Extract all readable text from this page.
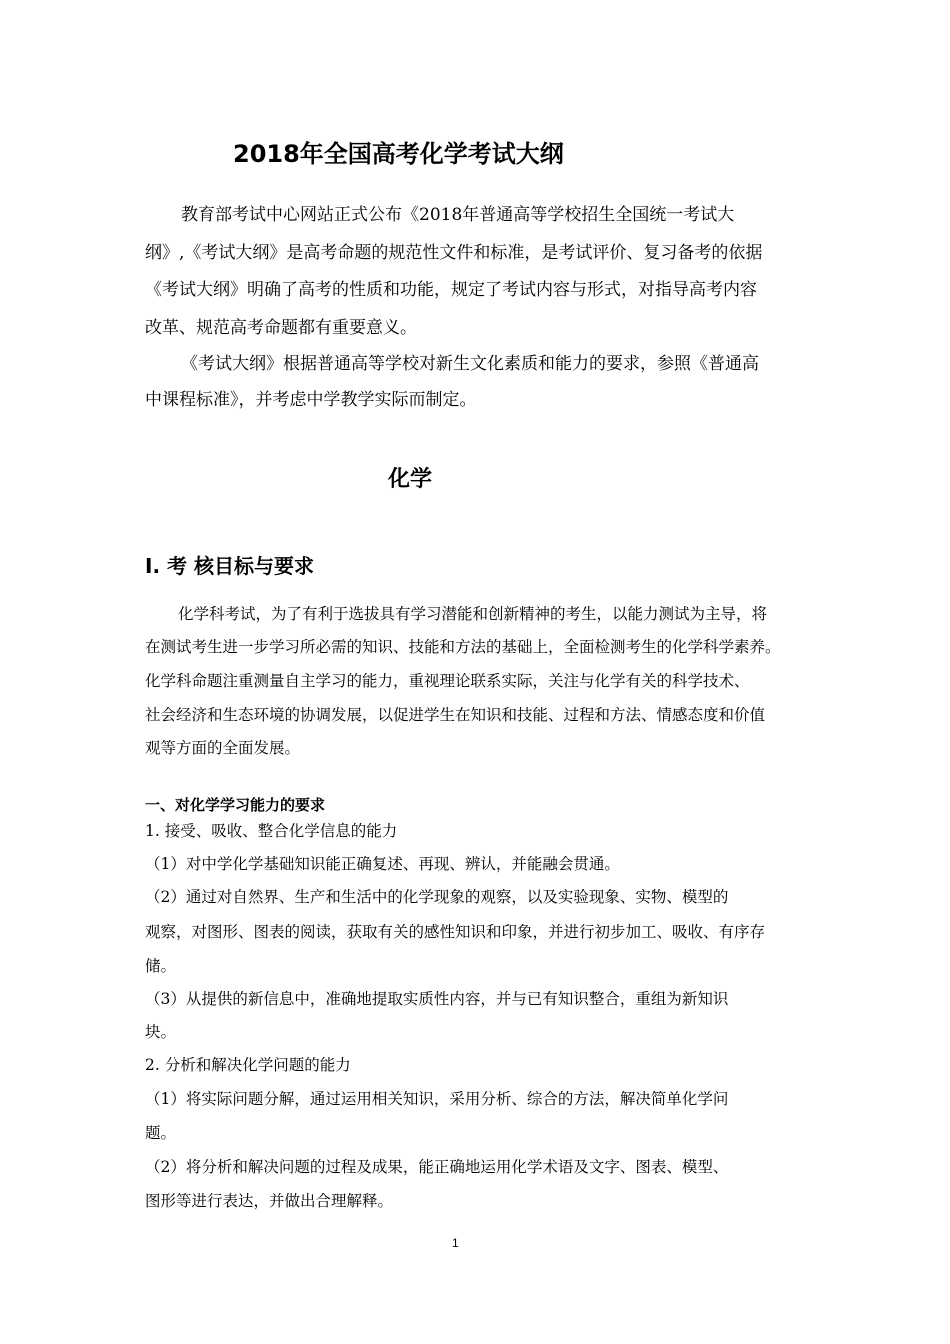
2018年全国高考化学考试大纲
教育部考试中心网站正式公布《2018年普通高等学校招生全国统一考试大
纲》,《考试大纲》是高考命题的规范性文件和标准，是考试评价、复习备考的依据
《考试大纲》明确了高考的性质和功能，规定了考试内容与形式，对指导高考内容
改革、规范高考命题都有重要意义。
《考试大纲》根据普通高等学校对新生文化素质和能力的要求，参照《普通高
中课程标准》，并考虑中学教学实际而制定。
化学
Ⅰ. 考 核目标与要求
化学科考试，为了有利于选拔具有学习潜能和创新精神的考生，以能力测试为主导，将
在测试考生进一步学习所必需的知识、技能和方法的基础上，全面检测考生的化学科学素养。
化学科命题注重测量自主学习的能力，重视理论联系实际，关注与化学有关的科学技术、
社会经济和生态环境的协调发展，以促进学生在知识和技能、过程和方法、情感态度和价值
观等方面的全面发展。
一、对化学学习能力的要求
1. 接受、吸收、整合化学信息的能力
（1）对中学化学基础知识能正确复述、再现、辨认，并能融会贯通。
（2）通过对自然界、生产和生活中的化学现象的观察，以及实验现象、实物、模型的
观察，对图形、图表的阅读，获取有关的感性知识和印象，并进行初步加工、吸收、有序存
储。
（3）从提供的新信息中，准确地提取实质性内容，并与已有知识整合，重组为新知识
块。
2. 分析和解决化学问题的能力
（1）将实际问题分解，通过运用相关知识，采用分析、综合的方法，解决简单化学问
题。
（2）将分析和解决问题的过程及成果，能正确地运用化学术语及文字、图表、模型、
图形等进行表达，并做出合理解释。
1
